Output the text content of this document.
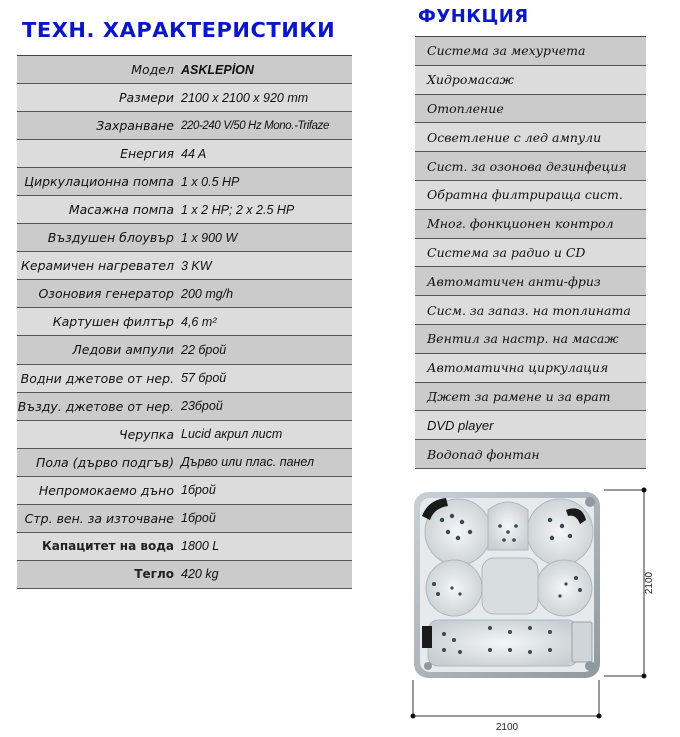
ТЕХН. ХАРАКТЕРИСТИКИ
Модел ASKLEPİON
Размери 2100 x 2100 x 920 mm
Захранване 220-240 V/50 Hz Mono.-Trifaze
Енергия 44 A
Циркулационна помпа 1 x 0.5 HP
Масажна помпа 1 x 2 HP; 2 x 2.5 HP
Въздушен блоувър 1 x 900 W
Керамичен нагревател 3 KW
Озоновия генератор 200 mg/h
Картушен филтър 4,6 m²
Ледови ампули 22 брой
Водни джетове от нер. 57 брой
Възду. джетове от нер. 23брой
Черупка Lucid акрил лист
Пола (дърво подгъв) Дърво или плас. панел
Непромокаемо дъно 1брой
Стр. вен. за източване 1брой
Капацитет на вода 1800 L
Тегло 420 kg
ФУНКЦИЯ
Система за мехурчета
Хидромасаж
Отопление
Осветление с лед ампули
Сист. за озонова дезинфеция
Обратна филтрираща сист.
Мног. фонкционен контрол
Система за радио и CD
Автоматичен анти-фриз
Сисм. за запаз. на топлината
Вентил за настр. на масаж
Автоматична циркулация
Джет за рамене и за врат
DVD player
Водопад фонтан
2100
2100
